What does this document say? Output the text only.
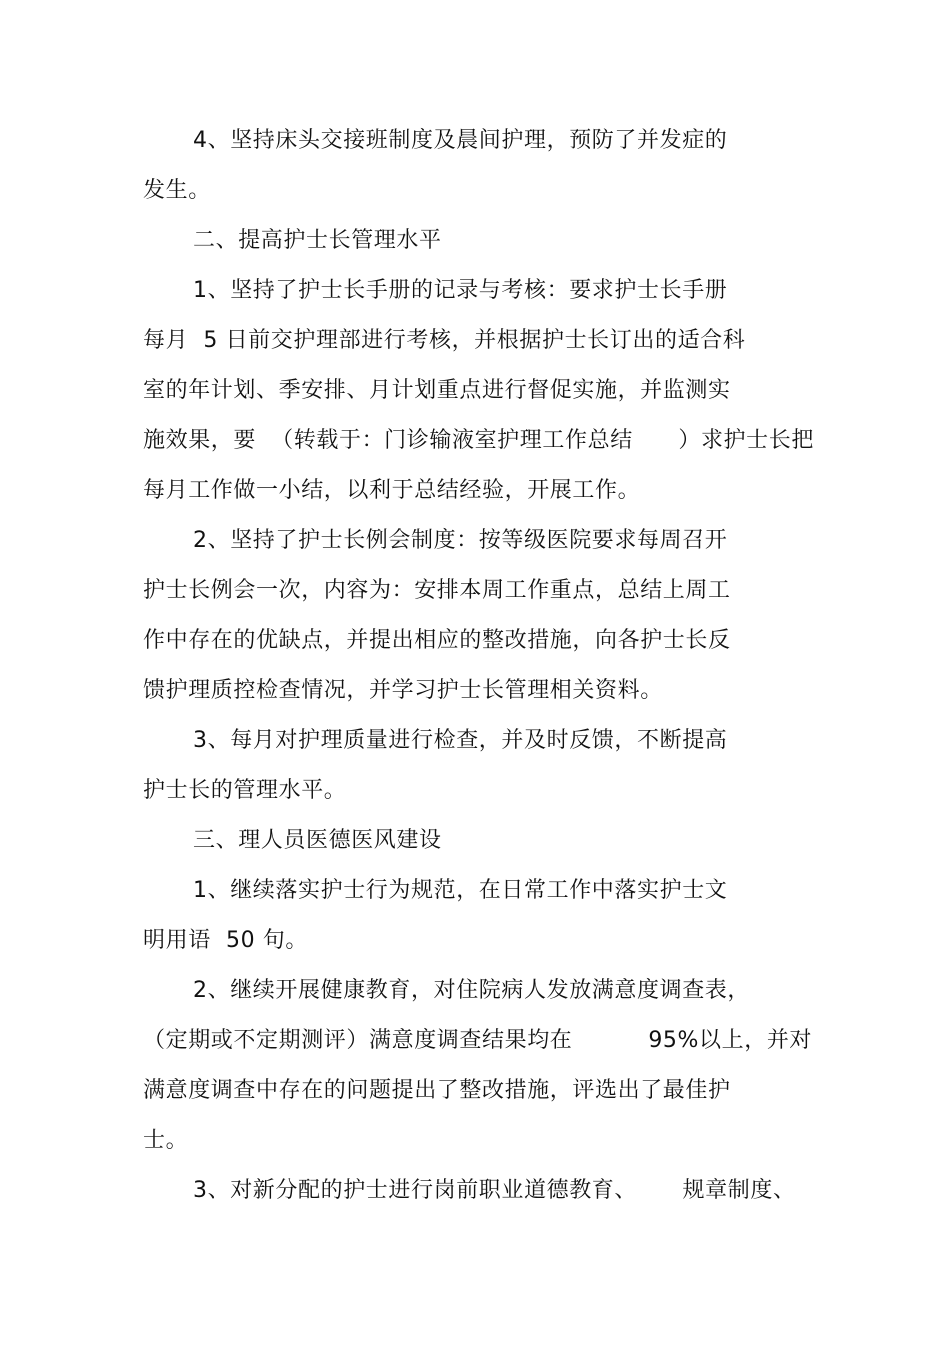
4、坚持床头交接班制度及晨间护理，预防了并发症的
发生。
二、提高护士长管理水平
1、坚持了护士长手册的记录与考核：要求护士长手册
每月  5 日前交护理部进行考核，并根据护士长订出的适合科
室的年计划、季安排、月计划重点进行督促实施，并监测实
施效果，要  （转载于：门诊输液室护理工作总结      ）求护士长把
每月工作做一小结，以利于总结经验，开展工作。
2、坚持了护士长例会制度：按等级医院要求每周召开
护士长例会一次，内容为：安排本周工作重点，总结上周工
作中存在的优缺点，并提出相应的整改措施，向各护士长反
馈护理质控检查情况，并学习护士长管理相关资料。
3、每月对护理质量进行检查，并及时反馈，不断提高
护士长的管理水平。
三、理人员医德医风建设
1、继续落实护士行为规范，在日常工作中落实护士文
明用语  50 句。
2、继续开展健康教育，对住院病人发放满意度调查表，
（定期或不定期测评）满意度调查结果均在          95%以上，并对
满意度调查中存在的问题提出了整改措施，评选出了最佳护
士。
3、对新分配的护士进行岗前职业道德教育、      规章制度、
